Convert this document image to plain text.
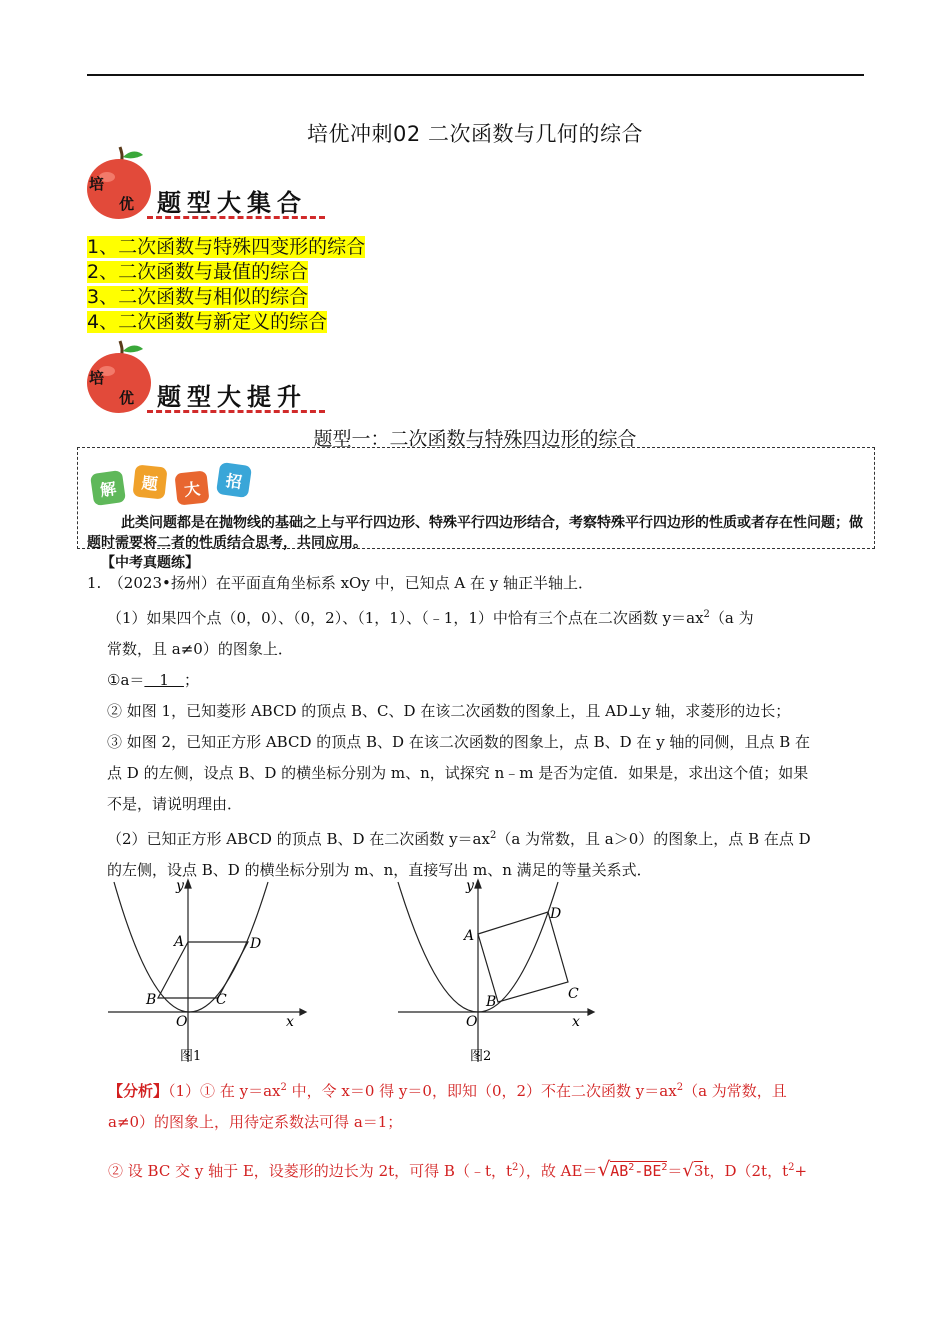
培优冲刺02 二次函数与几何的综合
培
优 题型大集合
1、二次函数与特殊四变形的综合
2、二次函数与最值的综合
3、二次函数与相似的综合
4、二次函数与新定义的综合
培
优 题型大提升
题型一：二次函数与特殊四边形的综合
解	题	大	招
此类问题都是在抛物线的基础之上与平行四边形、特殊平行四边形结合，考察特殊平行四边形的性质或者存在性问题；做题时需要将二者的性质结合思考，共同应用。
【中考真题练】
1.　（2023•扬州）在平面直角坐标系 xOy 中，已知点 A 在 y 轴正半轴上．
（1）如果四个点（0，0）、（0，2）、（1，1）、（﹣1，1）中恰有三个点在二次函数 $y=ax^2(a$ 为
常数，且 a≠0）的图象上．
①a＝　1　；
② 如图 1，已知菱形 ABCD 的顶点 B、C、D 在该二次函数的图象上，且 AD⊥y 轴，求菱形的边长；
③ 如图 2，已知正方形 ABCD 的顶点 B、D 在该二次函数的图象上，点 B、D 在 y 轴的同侧，且点 B 在
点 D 的左侧，设点 B、D 的横坐标分别为 m、n，试探究 n﹣m 是否为定值．如果是，求出这个值；如果
不是，请说明理由．
（2）已知正方形 ABCD 的顶点 B、D 在二次函数 $y=ax^2(a$ 为常数，且 a＞0）的图象上，点 B 在点 D
的左侧，设点 B、D 的横坐标分别为 m、n，直接写出 m、n 满足的等量关系式．
y
A	D
B	C
O	x
图1
y
D
A
C
B
O	x
图2
【分析】（1）① 在 $y=ax^2$ 中，令 x＝0 得 y＝0，即知（0，2）不在二次函数 $y=ax^2(a$ 为常数，且
a≠0）的图象上，用待定系数法可得 a＝1；
② 设 BC 交 y 轴于 E，设菱形的边长为 2t，可得 B（﹣t，$t^2$），故 $AE=√AB^2-BE^2=√3t$，D（2t，$t^2+$
